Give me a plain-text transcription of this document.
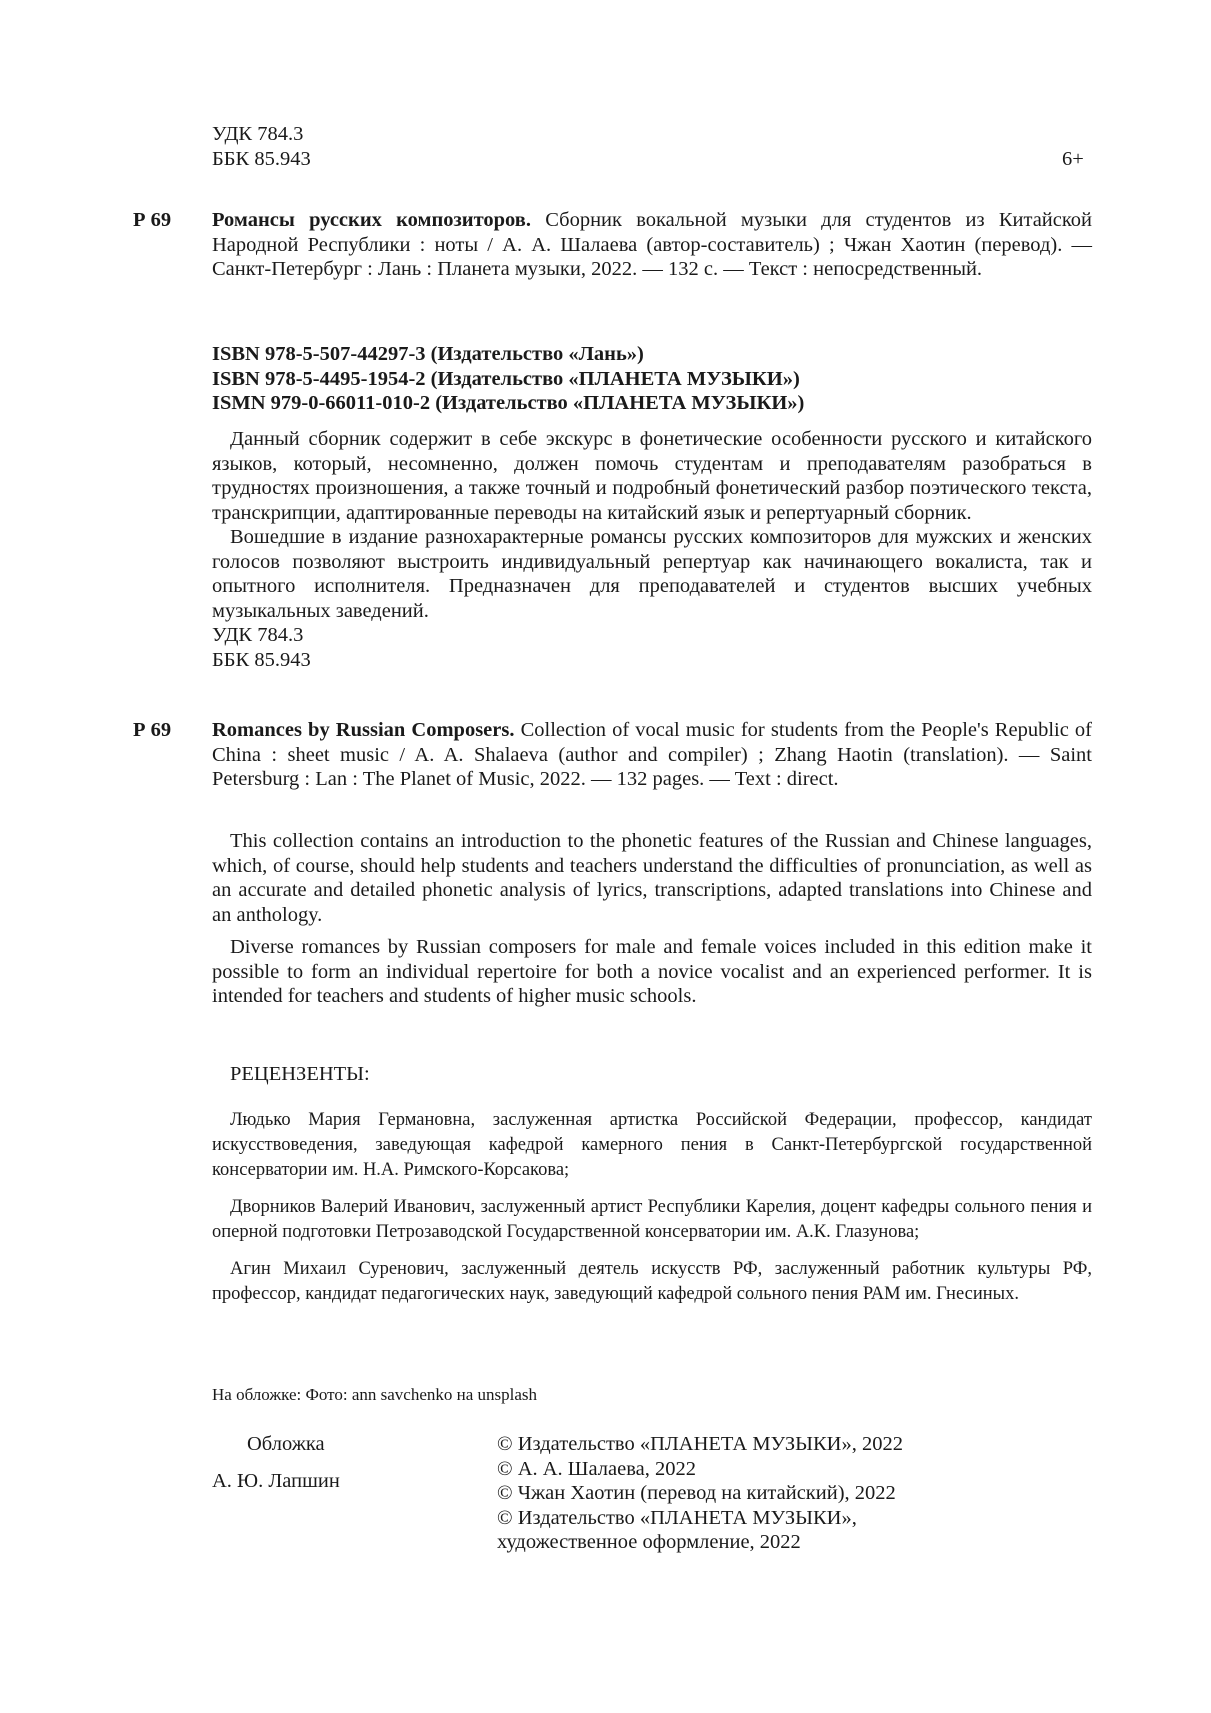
УДК 784.3
ББК 85.943	6+
Р 69 Романсы русских композиторов. Сборник вокальной музыки для студентов из Китайской Народной Республики : ноты / А. А. Шалаева (автор-составитель) ; Чжан Хаотин (перевод). — Санкт-Петербург : Лань : Планета музыки, 2022. — 132 с. — Текст : непосредственный.

ISBN 978-5-507-44297-3 (Издательство «Лань»)
ISBN 978-5-4495-1954-2 (Издательство «ПЛАНЕТА МУЗЫКИ»)
ISMN 979-0-66011-010-2 (Издательство «ПЛАНЕТА МУЗЫКИ»)

Данный сборник содержит в себе экскурс в фонетические особенности русского и китайского языков, который, несомненно, должен помочь студентам и преподавателям разобраться в трудностях произношения, а также точный и подробный фонетический разбор поэтического текста, транскрипции, адаптированные переводы на китайский язык и репертуарный сборник.

Вошедшие в издание разнохарактерные романсы русских композиторов для мужских и женских голосов позволяют выстроить индивидуальный репертуар как начинающего вокалиста, так и опытного исполнителя. Предназначен для преподавателей и студентов высших учебных музыкальных заведений.

УДК 784.3
ББК 85.943
Р 69 Romances by Russian Composers. Collection of vocal music for students from the People's Republic of China : sheet music / A. A. Shalaeva (author and compiler) ; Zhang Haotin (translation). — Saint Petersburg : Lan : The Planet of Music, 2022. — 132 pages. — Text : direct.

This collection contains an introduction to the phonetic features of the Russian and Chinese languages, which, of course, should help students and teachers understand the difficulties of pronunciation, as well as an accurate and detailed phonetic analysis of lyrics, transcriptions, adapted translations into Chinese and an anthology.

Diverse romances by Russian composers for male and female voices included in this edition make it possible to form an individual repertoire for both a novice vocalist and an experienced performer. It is intended for teachers and students of higher music schools.

РЕЦЕНЗЕНТЫ:

Людько Мария Германовна, заслуженная артистка Российской Федерации, профессор, кандидат искусствоведения, заведующая кафедрой камерного пения в Санкт-Петербургской государственной консерватории им. Н.А. Римского-Корсакова;

Дворников Валерий Иванович, заслуженный артист Республики Карелия, доцент кафедры сольного пения и оперной подготовки Петрозаводской Государственной консерватории им. А.К. Глазунова;

Агин Михаил Суренович, заслуженный деятель искусств РФ, заслуженный работник культуры РФ, профессор, кандидат педагогических наук, заведующий кафедрой сольного пения РАМ им. Гнесиных.

На обложке: Фото: ann savchenko на unsplash
Обложка
А. Ю. Лапшин
© Издательство «ПЛАНЕТА МУЗЫКИ», 2022
© А. А. Шалаева, 2022
© Чжан Хаотин (перевод на китайский), 2022
© Издательство «ПЛАНЕТА МУЗЫКИ»,
художественное оформление, 2022
